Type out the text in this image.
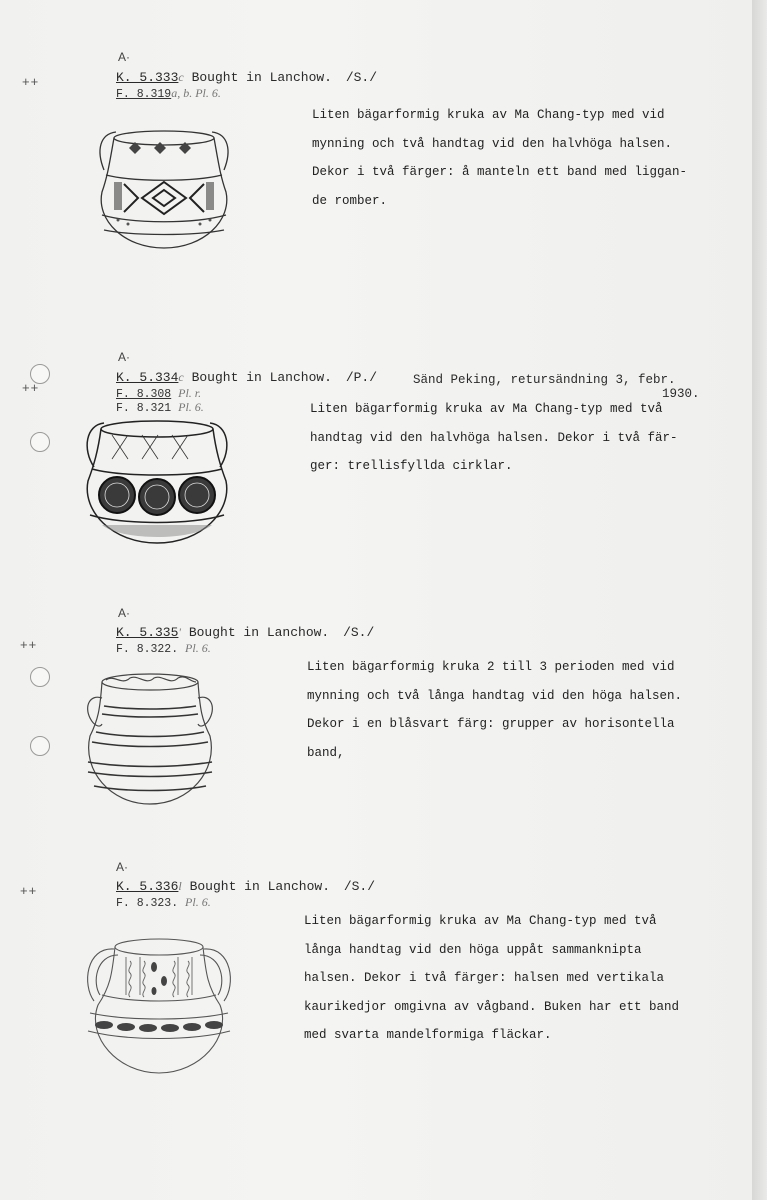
++
++
++
++
A·
K. 5.333c Bought in Lanchow. /S./
F. 8.319a, b. Pl. 6.
Liten bägarformig kruka av Ma Chang-typ med vid
mynning och två handtag vid den halvhöga halsen.
Dekor i två färger: å manteln ett band med liggan-
de romber.
A·
K. 5.334c Bought in Lanchow. /P./	Sänd Peking, retursändning 3, febr.
1930.
F. 8.308 Pl. r.
F. 8.321 Pl. 6.	Liten bägarformig kruka av Ma Chang-typ med två
handtag vid den halvhöga halsen. Dekor i två fär-
ger: trellisfyllda cirklar.
A·
K. 5.335' Bought in Lanchow. /S./
F. 8.322. Pl. 6.
Liten bägarformig kruka 2 till 3 perioden med vid
mynning och två långa handtag vid den höga halsen.
Dekor i en blåsvart färg: grupper av horisontella
band,
A·
K. 5.336l Bought in Lanchow. /S./
F. 8.323. Pl. 6.
Liten bägarformig kruka av Ma Chang-typ med två
långa handtag vid den höga uppåt sammanknipta
halsen. Dekor i två färger: halsen med vertikala
kaurikedjor omgivna av vågband. Buken har ett band
med svarta mandelformiga fläckar.
